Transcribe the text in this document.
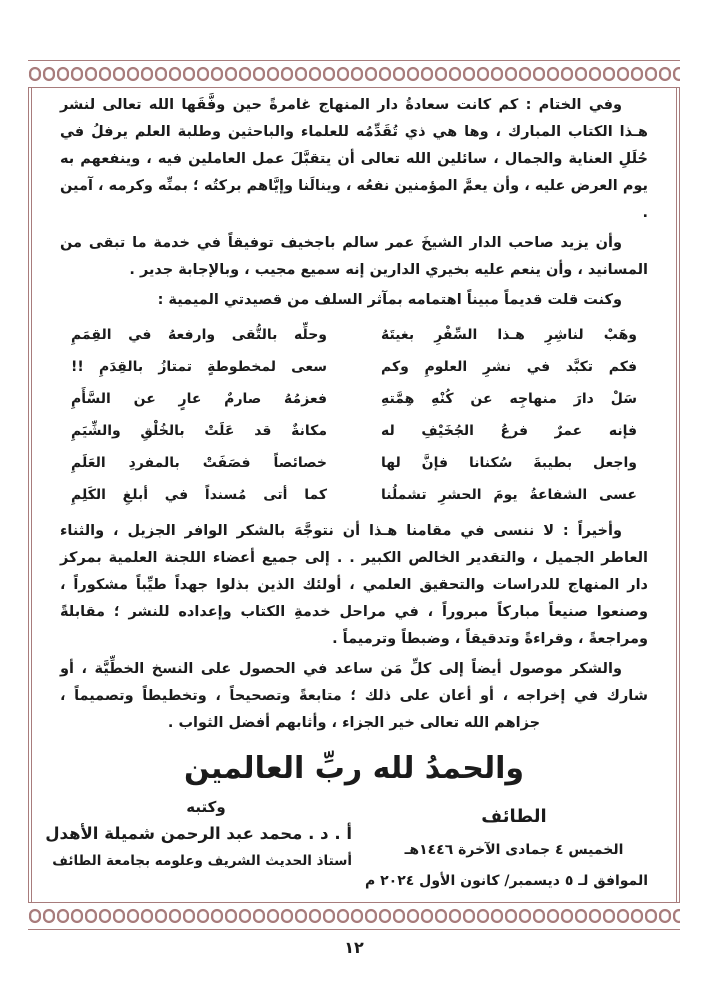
وفي الختام : كم كانت سعادةُ دار المنهاج غامرةً حين وفَّقَها الله تعالى لنشر هـذا الكتاب المبارك ، وها هي ذي تُقَدِّمُه للعلماء والباحثين وطلبة العلم يرفلُ في حُلَلِ العناية والجمال ، سائلين الله تعالى أن يتقبَّلَ عمل العاملين فيه ، وينفعهم به يوم العرض عليه ، وأن يعمَّ المؤمنين نفعُه ، وينالَنا وإيَّاهم بركتُه ؛ بمنِّه وكرمه ، آمين .

وأن يزيد صاحب الدار الشيخَ عمر سالم باجخيف توفيقاً في خدمة ما تبقى من المسانيد ، وأن ينعم عليه بخيري الدارين إنه سميع مجيب ، وبالإجابة جدير .

وكنت قلت قديماً مبيناً اهتمامه بمآثر السلف من قصيدتي الميمية :

وهَبْ لناشِرِ هـذا السِّفْرِ بغيتَهُ
وحلِّه بالتُّقى وارفعهُ في القِمَمِ
فكم تكبَّد في نشرِ العلومِ وكم
سعى لمخطوطةٍ تمتازُ بالقِدَمِ !!
سَلْ دارَ منهاجِه عن كُنْهِ هِمَّتهِ
فعزمُهُ صارمٌ عارٍ عن السَّأَمِ
فإنه عمرٌ فرعُ الجُخَيْفِ له
مكانةٌ قد عَلَتْ بالخُلْقِ والشِّيَمِ
واجعل بطيبةَ سُكنانا فإنَّ لها
خصائصاً فصَفَتْ بالمفردِ العَلَمِ
عسى الشفاعةُ يومَ الحشرِ تشملُنا
كما أتى مُسنداً في أبلغِ الكَلِمِ

وأخيراً : لا ننسى في مقامنا هـذا أن نتوجَّهَ بالشكر الوافر الجزيل ، والثناء العاطر الجميل ، والتقدير الخالص الكبير . . إلى جميع أعضاء اللجنة العلمية بمركز دار المنهاج للدراسات والتحقيق العلمي ، أولئك الذين بذلوا جهداً طيِّباً مشكوراً ، وصنعوا صنيعاً مباركاً مبروراً ، في مراحل خدمةِ الكتاب وإعداده للنشر ؛ مقابلةً ومراجعةً ، وقراءةً وتدقيقاً ، وضبطاً وترميماً .

والشكر موصول أيضاً إلى كلِّ مَن ساعد في الحصول على النسخ الخطِّيَّة ، أو شارك في إخراجه ، أو أعان على ذلك ؛ متابعةً وتصحيحاً ، وتخطيطاً وتصميماً ، جزاهم الله تعالى خير الجزاء ، وأثابهم أفضل الثواب .

والحمدُ لله ربِّ العالمين
الطائف
الخميس ٤ جمادى الآخرة ١٤٤٦هـ
الموافق لـ ٥ ديسمبر/ كانون الأول ٢٠٢٤ م
وكتبه
أ . د . محمد عبد الرحمن شميلة الأهدل
أستاذ الحديث الشريف وعلومه بجامعة الطائف
١٢
